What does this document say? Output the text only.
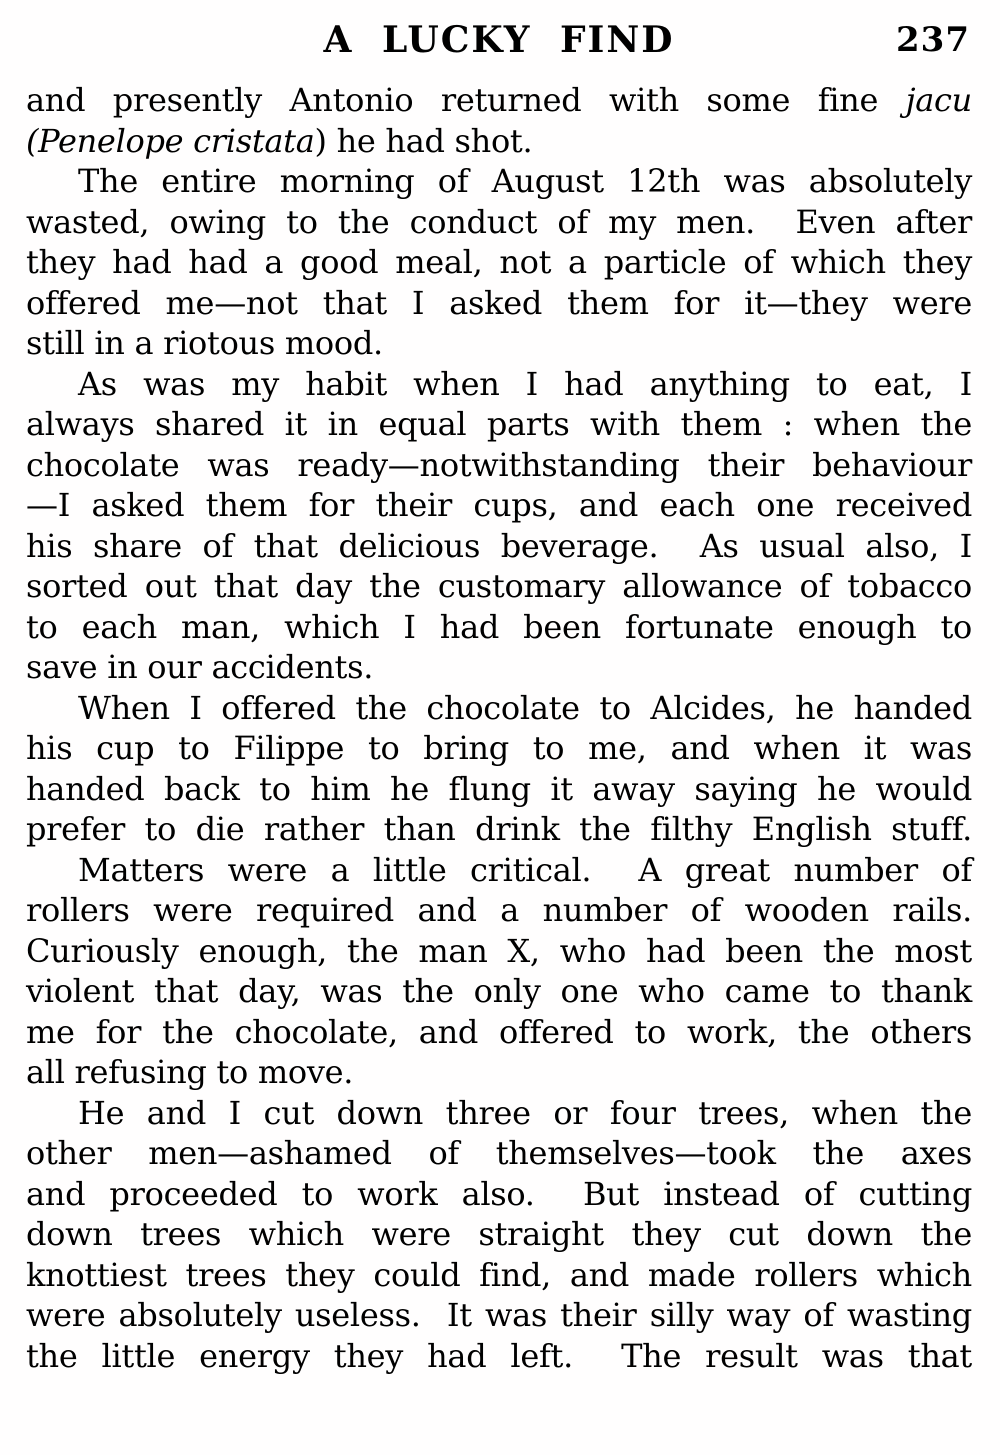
A LUCKY FIND	237
and presently Antonio returned with some fine jacu
(Penelope cristata) he had shot.
The entire morning of August 12th was absolutely
wasted, owing to the conduct of my men.  Even after
they had had a good meal, not a particle of which they
offered me—not that I asked them for it—they were
still in a riotous mood.
As was my habit when I had anything to eat, I
always shared it in equal parts with them : when the
chocolate was ready—notwithstanding their behaviour
—I asked them for their cups, and each one received
his share of that delicious beverage.  As usual also, I
sorted out that day the customary allowance of tobacco
to each man, which I had been fortunate enough to
save in our accidents.
When I offered the chocolate to Alcides, he handed
his cup to Filippe to bring to me, and when it was
handed back to him he flung it away saying he would
prefer to die rather than drink the filthy English stuff.
Matters were a little critical.  A great number of
rollers were required and a number of wooden rails.
Curiously enough, the man X, who had been the most
violent that day, was the only one who came to thank
me for the chocolate, and offered to work, the others
all refusing to move.
He and I cut down three or four trees, when the
other men—ashamed of themselves—took the axes
and proceeded to work also.  But instead of cutting
down trees which were straight they cut down the
knottiest trees they could find, and made rollers which
were absolutely useless.  It was their silly way of wasting
the little energy they had left.  The result was that
